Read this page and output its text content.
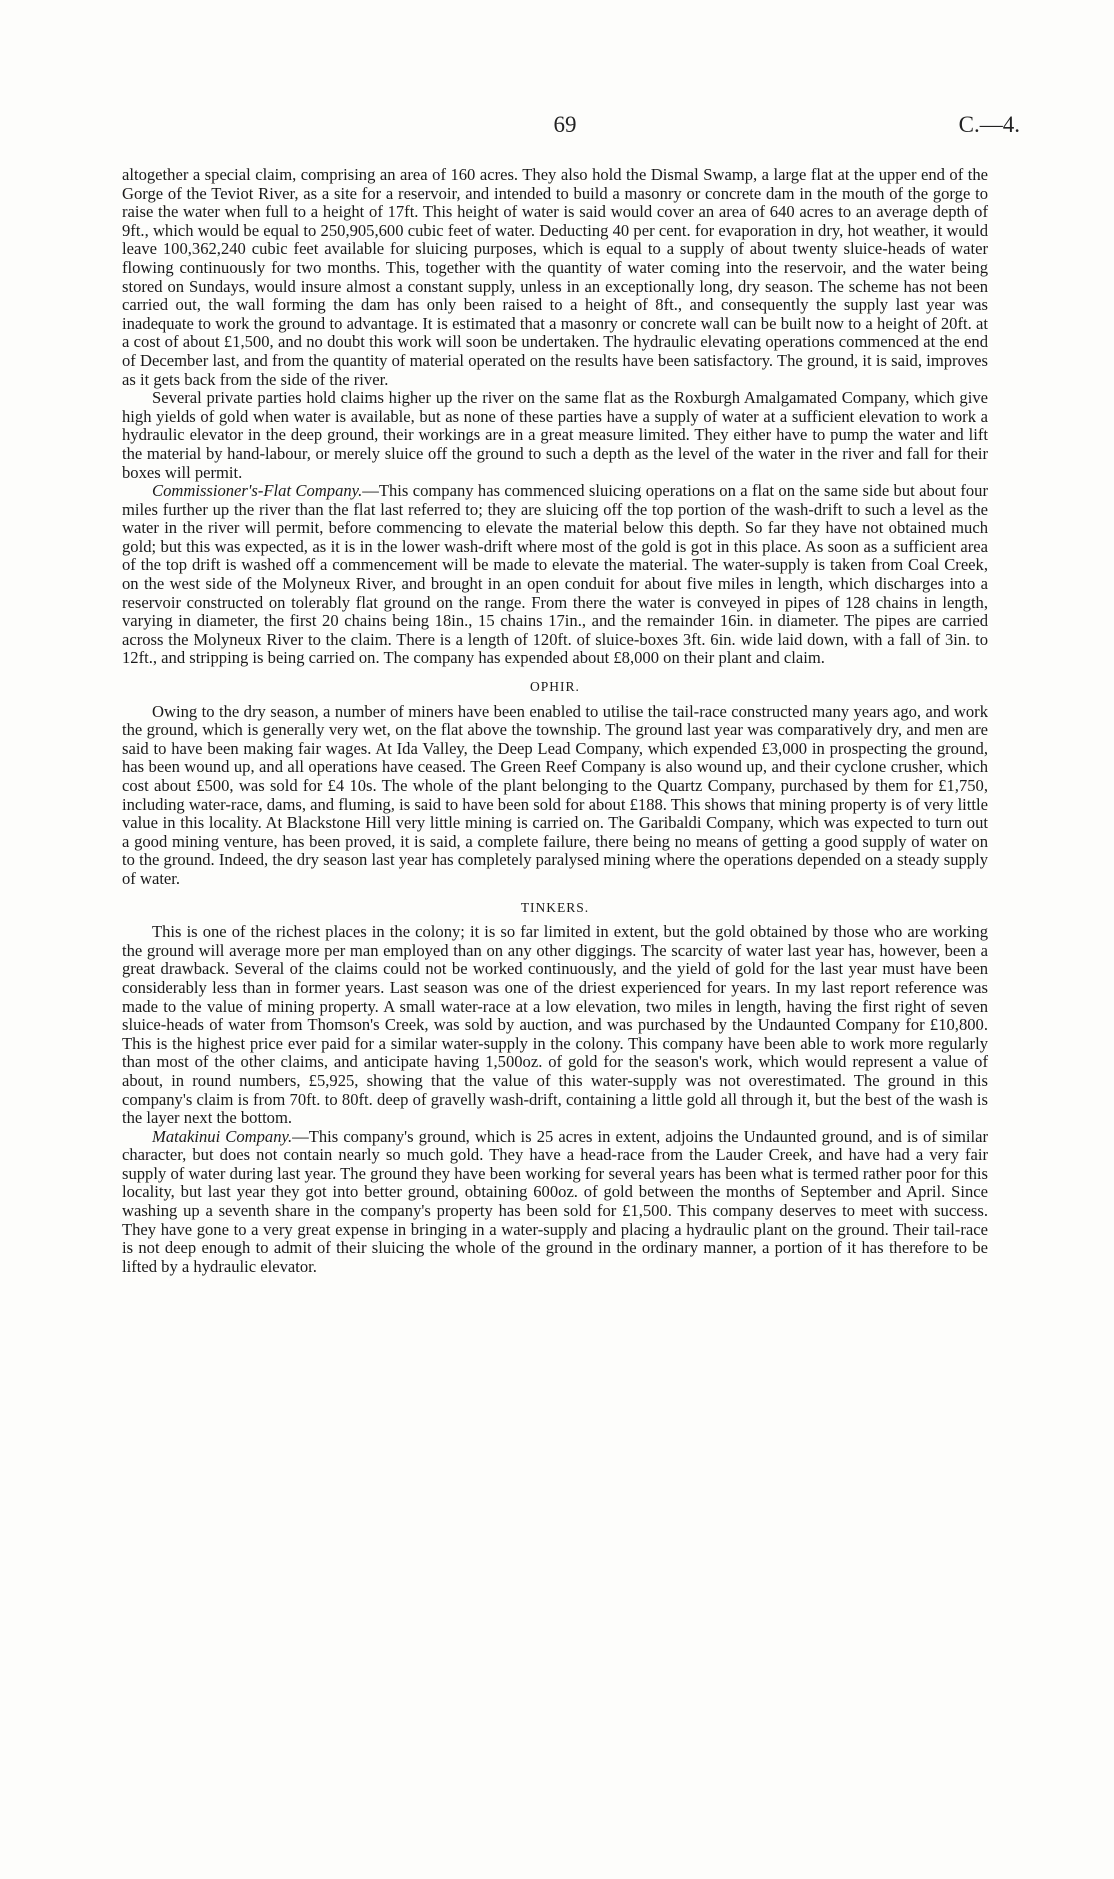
69	C.—4.

altogether a special claim, comprising an area of 160 acres. They also hold the Dismal Swamp, a large flat at the upper end of the Gorge of the Teviot River, as a site for a reservoir, and intended to build a masonry or concrete dam in the mouth of the gorge to raise the water when full to a height of 17ft. This height of water is said would cover an area of 640 acres to an average depth of 9ft., which would be equal to 250,905,600 cubic feet of water. Deducting 40 per cent. for evaporation in dry, hot weather, it would leave 100,362,240 cubic feet available for sluicing purposes, which is equal to a supply of about twenty sluice-heads of water flowing continuously for two months. This, together with the quantity of water coming into the reservoir, and the water being stored on Sundays, would insure almost a constant supply, unless in an exceptionally long, dry season. The scheme has not been carried out, the wall forming the dam has only been raised to a height of 8ft., and consequently the supply last year was inadequate to work the ground to advantage. It is estimated that a masonry or concrete wall can be built now to a height of 20ft. at a cost of about £1,500, and no doubt this work will soon be undertaken. The hydraulic elevating operations commenced at the end of December last, and from the quantity of material operated on the results have been satisfactory. The ground, it is said, improves as it gets back from the side of the river.

Several private parties hold claims higher up the river on the same flat as the Roxburgh Amalgamated Company, which give high yields of gold when water is available, but as none of these parties have a supply of water at a sufficient elevation to work a hydraulic elevator in the deep ground, their workings are in a great measure limited. They either have to pump the water and lift the material by hand-labour, or merely sluice off the ground to such a depth as the level of the water in the river and fall for their boxes will permit.

Commissioner's-Flat Company.—This company has commenced sluicing operations on a flat on the same side but about four miles further up the river than the flat last referred to; they are sluicing off the top portion of the wash-drift to such a level as the water in the river will permit, before commencing to elevate the material below this depth. So far they have not obtained much gold; but this was expected, as it is in the lower wash-drift where most of the gold is got in this place. As soon as a sufficient area of the top drift is washed off a commencement will be made to elevate the material. The water-supply is taken from Coal Creek, on the west side of the Molyneux River, and brought in an open conduit for about five miles in length, which discharges into a reservoir constructed on tolerably flat ground on the range. From there the water is conveyed in pipes of 128 chains in length, varying in diameter, the first 20 chains being 18in., 15 chains 17in., and the remainder 16in. in diameter. The pipes are carried across the Molyneux River to the claim. There is a length of 120ft. of sluice-boxes 3ft. 6in. wide laid down, with a fall of 3in. to 12ft., and stripping is being carried on. The company has expended about £8,000 on their plant and claim.

OPHIR.

Owing to the dry season, a number of miners have been enabled to utilise the tail-race constructed many years ago, and work the ground, which is generally very wet, on the flat above the township. The ground last year was comparatively dry, and men are said to have been making fair wages. At Ida Valley, the Deep Lead Company, which expended £3,000 in prospecting the ground, has been wound up, and all operations have ceased. The Green Reef Company is also wound up, and their cyclone crusher, which cost about £500, was sold for £4 10s. The whole of the plant belonging to the Quartz Company, purchased by them for £1,750, including water-race, dams, and fluming, is said to have been sold for about £188. This shows that mining property is of very little value in this locality. At Blackstone Hill very little mining is carried on. The Garibaldi Company, which was expected to turn out a good mining venture, has been proved, it is said, a complete failure, there being no means of getting a good supply of water on to the ground. Indeed, the dry season last year has completely paralysed mining where the operations depended on a steady supply of water.

TINKERS.

This is one of the richest places in the colony; it is so far limited in extent, but the gold obtained by those who are working the ground will average more per man employed than on any other diggings. The scarcity of water last year has, however, been a great drawback. Several of the claims could not be worked continuously, and the yield of gold for the last year must have been considerably less than in former years. Last season was one of the driest experienced for years. In my last report reference was made to the value of mining property. A small water-race at a low elevation, two miles in length, having the first right of seven sluice-heads of water from Thomson's Creek, was sold by auction, and was purchased by the Undaunted Company for £10,800. This is the highest price ever paid for a similar water-supply in the colony. This company have been able to work more regularly than most of the other claims, and anticipate having 1,500oz. of gold for the season's work, which would represent a value of about, in round numbers, £5,925, showing that the value of this water-supply was not overestimated. The ground in this company's claim is from 70ft. to 80ft. deep of gravelly wash-drift, containing a little gold all through it, but the best of the wash is the layer next the bottom.

Matakinui Company.—This company's ground, which is 25 acres in extent, adjoins the Undaunted ground, and is of similar character, but does not contain nearly so much gold. They have a head-race from the Lauder Creek, and have had a very fair supply of water during last year. The ground they have been working for several years has been what is termed rather poor for this locality, but last year they got into better ground, obtaining 600oz. of gold between the months of September and April. Since washing up a seventh share in the company's property has been sold for £1,500. This company deserves to meet with success. They have gone to a very great expense in bringing in a water-supply and placing a hydraulic plant on the ground. Their tail-race is not deep enough to admit of their sluicing the whole of the ground in the ordinary manner, a portion of it has therefore to be lifted by a hydraulic elevator.
